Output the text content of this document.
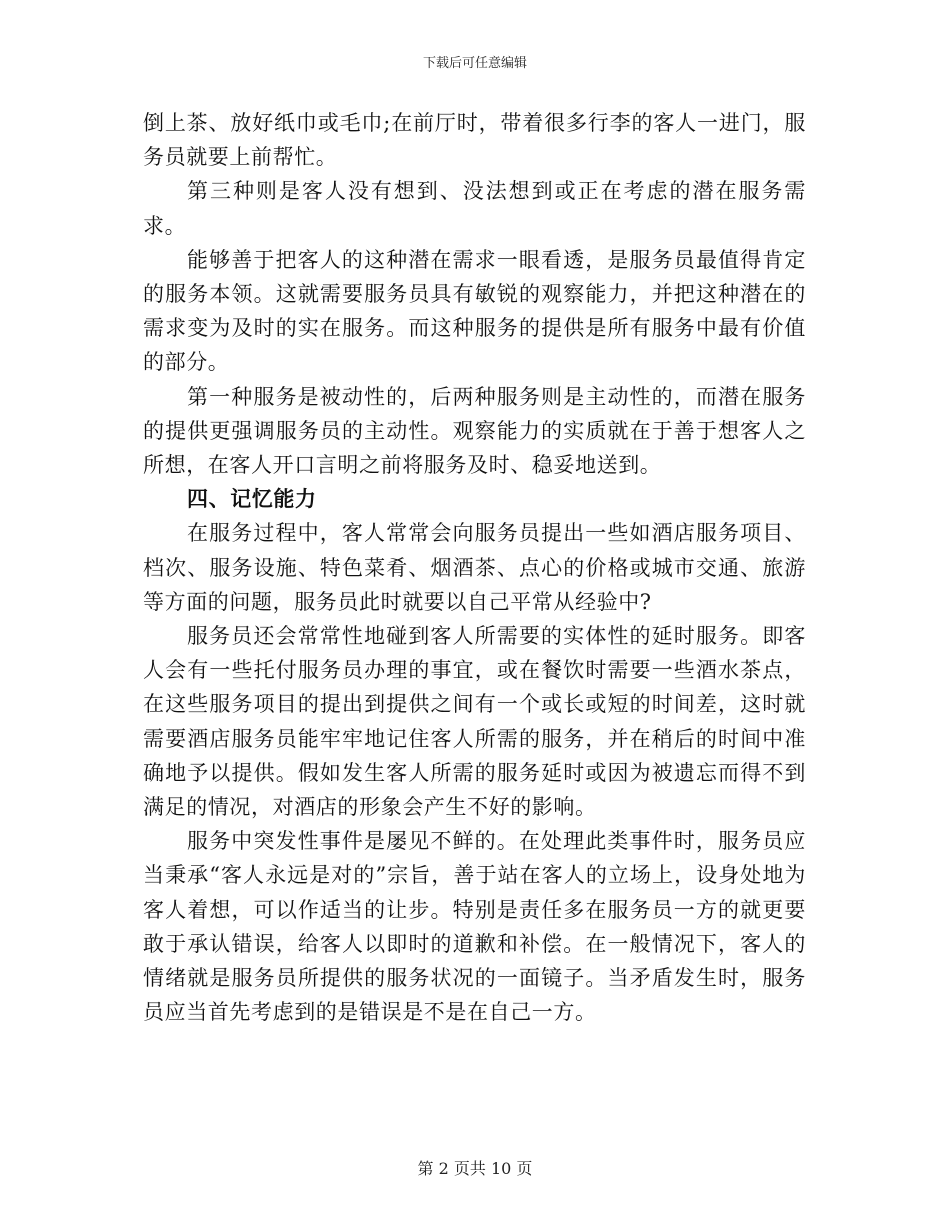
下载后可任意编辑

倒上茶、放好纸巾或毛巾;在前厅时，带着很多行李的客人一进门，服务员就要上前帮忙。

第三种则是客人没有想到、没法想到或正在考虑的潜在服务需求。

能够善于把客人的这种潜在需求一眼看透，是服务员最值得肯定的服务本领。这就需要服务员具有敏锐的观察能力，并把这种潜在的需求变为及时的实在服务。而这种服务的提供是所有服务中最有价值的部分。

第一种服务是被动性的，后两种服务则是主动性的，而潜在服务的提供更强调服务员的主动性。观察能力的实质就在于善于想客人之所想，在客人开口言明之前将服务及时、稳妥地送到。

四、记忆能力

在服务过程中，客人常常会向服务员提出一些如酒店服务项目、档次、服务设施、特色菜肴、烟酒茶、点心的价格或城市交通、旅游等方面的问题，服务员此时就要以自己平常从经验中?

服务员还会常常性地碰到客人所需要的实体性的延时服务。即客人会有一些托付服务员办理的事宜，或在餐饮时需要一些酒水茶点，在这些服务项目的提出到提供之间有一个或长或短的时间差，这时就需要酒店服务员能牢牢地记住客人所需的服务，并在稍后的时间中准确地予以提供。假如发生客人所需的服务延时或因为被遗忘而得不到满足的情况，对酒店的形象会产生不好的影响。

服务中突发性事件是屡见不鲜的。在处理此类事件时，服务员应当秉承“客人永远是对的”宗旨，善于站在客人的立场上，设身处地为客人着想，可以作适当的让步。特别是责任多在服务员一方的就更要敢于承认错误，给客人以即时的道歉和补偿。在一般情况下，客人的情绪就是服务员所提供的服务状况的一面镜子。当矛盾发生时，服务员应当首先考虑到的是错误是不是在自己一方。

第 2 页共 10 页
